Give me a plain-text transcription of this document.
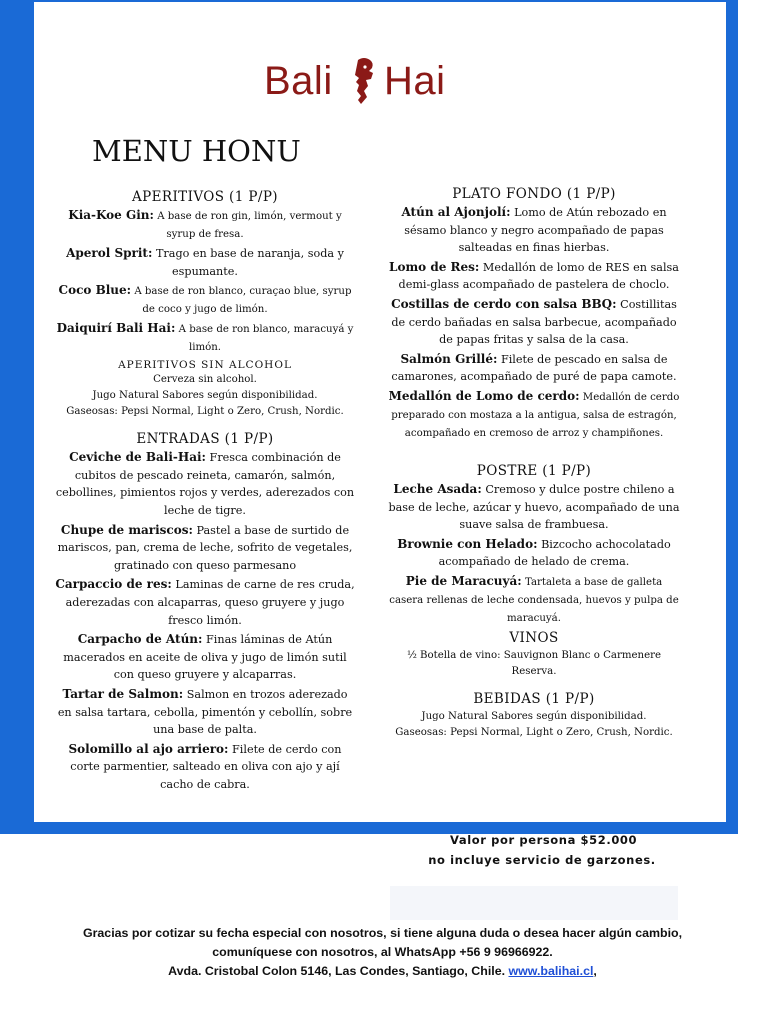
Bali Hai
MENU HONU
APERITIVOS (1 P/P)
Kia-Koe Gin: A base de ron gin, limón, vermout y syrup de fresa.
Aperol Sprit: Trago en base de naranja, soda y espumante.
Coco Blue: A base de ron blanco, curaçao blue, syrup de coco y jugo de limón.
Daiquirí Bali Hai: A base de ron blanco, maracuyá y limón.
APERITIVOS SIN ALCOHOL
Cerveza sin alcohol.
Jugo Natural Sabores según disponibilidad.
Gaseosas: Pepsi Normal, Light o Zero, Crush, Nordic.
ENTRADAS (1 P/P)
Ceviche de Bali-Hai: Fresca combinación de cubitos de pescado reineta, camarón, salmón, cebollines, pimientos rojos y verdes, aderezados con leche de tigre.
Chupe de mariscos: Pastel a base de surtido de mariscos, pan, crema de leche, sofrito de vegetales, gratinado con queso parmesano
Carpaccio de res: Laminas de carne de res cruda, aderezadas con alcaparras, queso gruyere y jugo fresco limón.
Carpacho de Atún: Finas láminas de Atún macerados en aceite de oliva y jugo de limón sutil con queso gruyere y alcaparras.
Tartar de Salmon: Salmon en trozos aderezado en salsa tartara, cebolla, pimentón y cebollín, sobre una base de palta.
Solomillo al ajo arriero: Filete de cerdo con corte parmentier, salteado en oliva con ajo y ají cacho de cabra.
PLATO FONDO (1 P/P)
Atún al Ajonjolí: Lomo de Atún rebozado en sésamo blanco y negro acompañado de papas salteadas en finas hierbas.
Lomo de Res: Medallón de lomo de RES en salsa demi-glass acompañado de pastelera de choclo.
Costillas de cerdo con salsa BBQ: Costillitas de cerdo bañadas en salsa barbecue, acompañado de papas fritas y salsa de la casa.
Salmón Grillé: Filete de pescado en salsa de camarones, acompañado de puré de papa camote.
Medallón de Lomo de cerdo: Medallón de cerdo preparado con mostaza a la antigua, salsa de estragón, acompañado en cremoso de arroz y champiñones.
POSTRE (1 P/P)
Leche Asada: Cremoso y dulce postre chileno a base de leche, azúcar y huevo, acompañado de una suave salsa de frambuesa.
Brownie con Helado: Bizcocho achocolatado acompañado de helado de crema.
Pie de Maracuyá: Tartaleta a base de galleta casera rellenas de leche condensada, huevos y pulpa de maracuyá.
VINOS
½ Botella de vino: Sauvignon Blanc o Carmenere Reserva.
BEBIDAS (1 P/P)
Jugo Natural Sabores según disponibilidad.
Gaseosas: Pepsi Normal, Light o Zero, Crush, Nordic.
Valor por persona $52.000
no incluye servicio de garzones.
Gracias por cotizar su fecha especial con nosotros, si tiene alguna duda o desea hacer algún cambio,
comuníquese con nosotros, al WhatsApp +56 9 96966922.
Avda. Cristobal Colon 5146, Las Condes, Santiago, Chile. www.balihai.cl,
